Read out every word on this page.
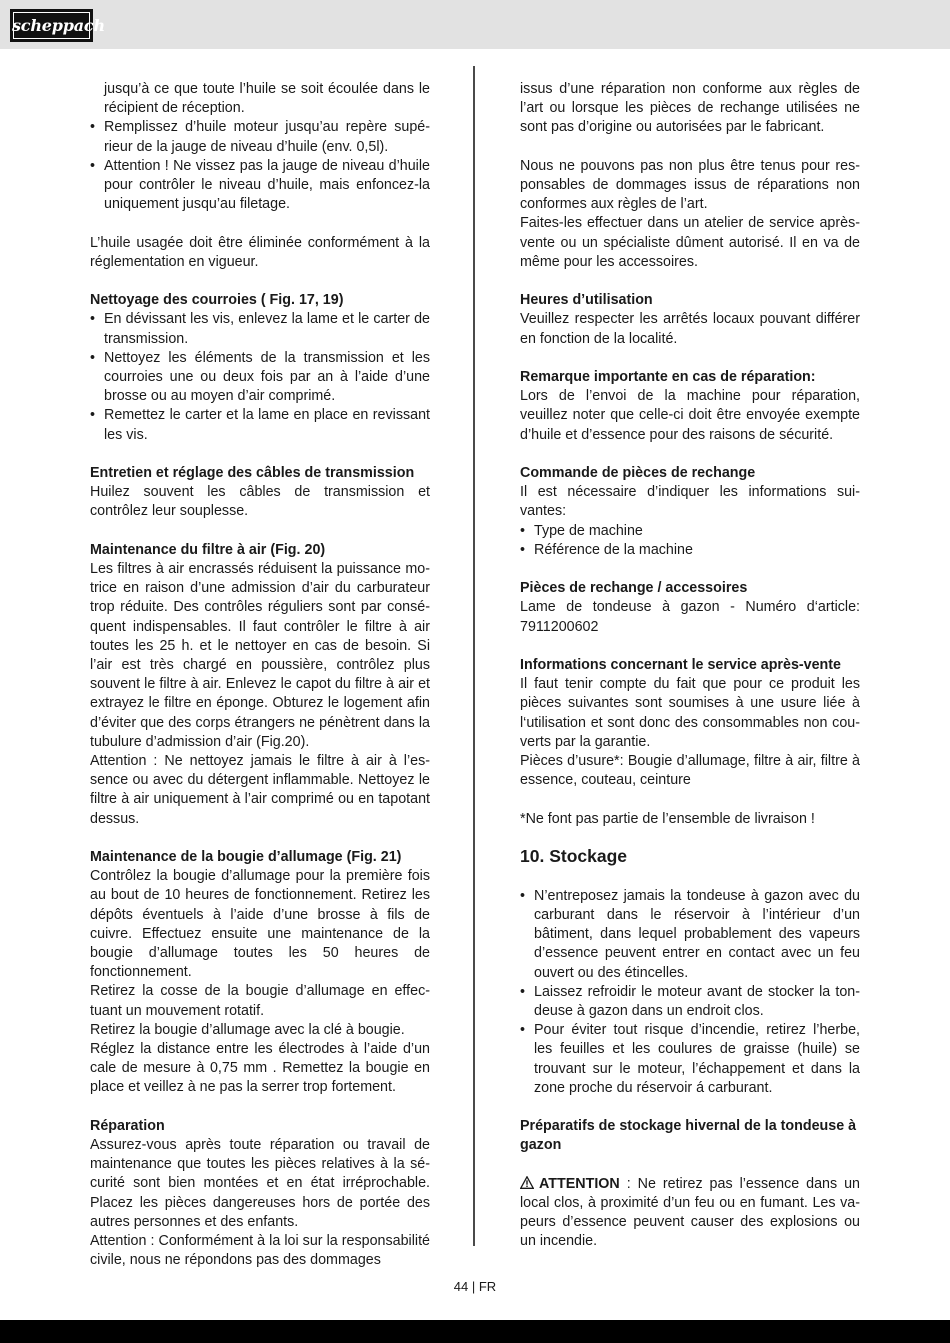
scheppach

jusqu’à ce que toute l’huile se soit écoulée dans le récipient de réception.

• Remplissez d’huile moteur jusqu’au repère supérieur de la jauge de niveau d’huile (env. 0,5l).
• Attention ! Ne vissez pas la jauge de niveau d’huile pour contrôler le niveau d’huile, mais enfoncez-la uniquement jusqu’au filetage.

L’huile usagée doit être éliminée conformément à la réglementation en vigueur.

Nettoyage des courroies ( Fig. 17, 19)
• En dévissant les vis, enlevez la lame et le carter de transmission.
• Nettoyez les éléments de la transmission et les courroies une ou deux fois par an à l’aide d’une brosse ou au moyen d’air comprimé.
• Remettez le carter et la lame en place en revissant les vis.
Entretien et réglage des câbles de transmission

Huilez souvent les câbles de transmission et contrôlez leur souplesse.

Maintenance du filtre à air (Fig. 20)

Les filtres à air encrassés réduisent la puissance motrice en raison d’une admission d’air du carburateur trop réduite. Des contrôles réguliers sont par conséquent indispensables. Il faut contrôler le filtre à air toutes les 25 h. et le nettoyer en cas de besoin. Si l’air est très chargé en poussière, contrôlez plus souvent le filtre à air. Enlevez le capot du filtre à air et extrayez le filtre en éponge. Obturez le logement afin d’éviter que des corps étrangers ne pénètrent dans la tubulure d’admission d’air (Fig.20).

Attention : Ne nettoyez jamais le filtre à air à l’essence ou avec du détergent inflammable. Nettoyez le filtre à air uniquement à l’air comprimé ou en tapotant dessus.

Maintenance de la bougie d’allumage (Fig. 21)

Contrôlez la bougie d’allumage pour la première fois au bout de 10 heures de fonctionnement. Retirez les dépôts éventuels à l’aide d’une brosse à fils de cuivre. Effectuez ensuite une maintenance de la bougie d’allumage toutes les 50 heures de fonctionnement.

Retirez la cosse de la bougie d’allumage en effectuant un mouvement rotatif.

Retirez la bougie d’allumage avec la clé à bougie.

Réglez la distance entre les électrodes à l’aide d’un cale de mesure à 0,75 mm . Remettez la bougie en place et veillez à ne pas la serrer trop fortement.

Réparation

Assurez-vous après toute réparation ou travail de maintenance que toutes les pièces relatives à la sécurité sont bien montées et en état irréprochable. Placez les pièces dangereuses hors de portée des autres personnes et des enfants.

Attention : Conformément à la loi sur la responsabilité civile, nous ne répondons pas des dommages

issus d’une réparation non conforme aux règles de l’art ou lorsque les pièces de rechange utilisées ne sont pas d’origine ou autorisées par le fabricant.

Nous ne pouvons pas non plus être tenus pour responsables de dommages issus de réparations non conformes aux règles de l’art.

Faites-les effectuer dans un atelier de service après-vente ou un spécialiste dûment autorisé. Il en va de même pour les accessoires.

Heures d’utilisation

Veuillez respecter les arrêtés locaux pouvant différer en fonction de la localité.

Remarque importante en cas de réparation:

Lors de l’envoi de la machine pour réparation, veuillez noter que celle-ci doit être envoyée exempte d’huile et d’essence pour des raisons de sécurité.

Commande de pièces de rechange

Il est nécessaire d’indiquer les informations suivantes:

• Type de machine
• Référence de la machine
Pièces de rechange / accessoires

Lame de tondeuse à gazon - Numéro d‘article: 7911200602

Informations concernant le service après-vente

Il faut tenir compte du fait que pour ce produit les pièces suivantes sont soumises à une usure liée à l‘utilisation et sont donc des consommables non couverts par la garantie.

Pièces d’usure*: Bougie d’allumage, filtre à air, filtre à essence, couteau, ceinture

*Ne font pas partie de l’ensemble de livraison !

10. Stockage
• N’entreposez jamais la tondeuse à gazon avec du carburant dans le réservoir à l’intérieur d’un bâtiment, dans lequel probablement des vapeurs d’essence peuvent entrer en contact avec un feu ouvert ou des étincelles.
• Laissez refroidir le moteur avant de stocker la tondeuse à gazon dans un endroit clos.
• Pour éviter tout risque d’incendie, retirez l’herbe, les feuilles et les coulures de graisse (huile) se trouvant sur le moteur, l’échappement et dans la zone proche du réservoir á carburant.
Préparatifs de stockage hivernal de la tondeuse à gazon

ATTENTION : Ne retirez pas l’essence dans un local clos, à proximité d’un feu ou en fumant. Les vapeurs d’essence peuvent causer des explosions ou un incendie.

44 | FR
